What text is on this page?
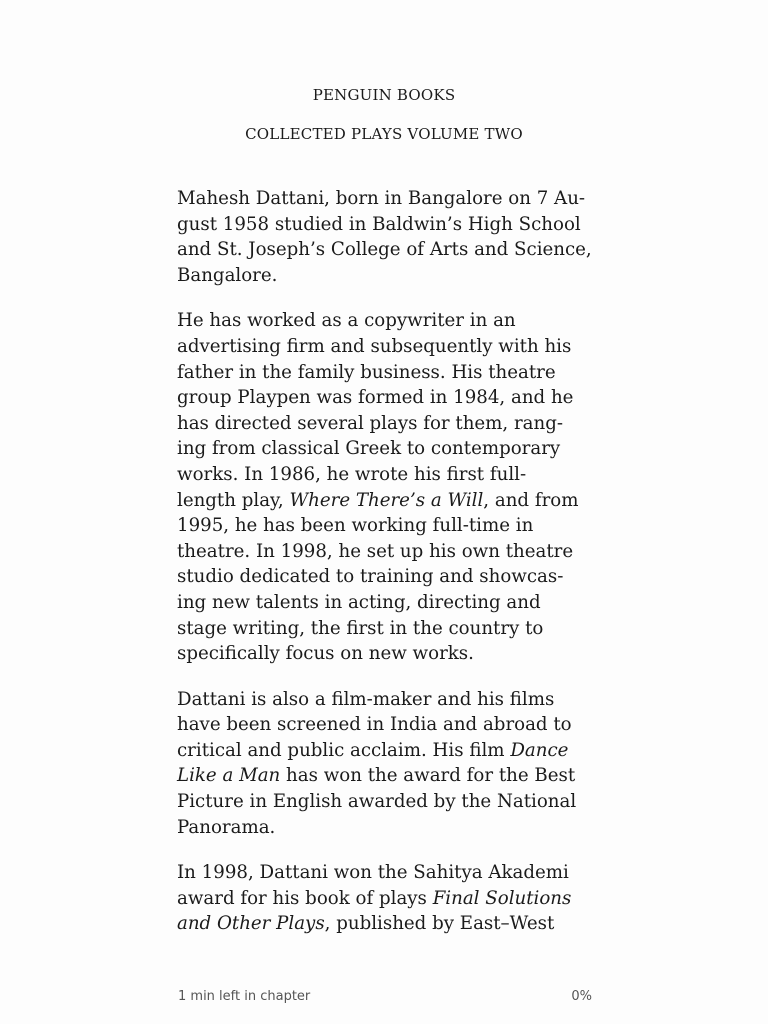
PENGUIN BOOKS
COLLECTED PLAYS VOLUME TWO

Mahesh Dattani, born in Bangalore on 7 Au-
gust 1958 studied in Baldwin’s High School
and St. Joseph’s College of Arts and Science,
Bangalore.

He has worked as a copywriter in an
advertising firm and subsequently with his
father in the family business. His theatre
group Playpen was formed in 1984, and he
has directed several plays for them, rang-
ing from classical Greek to contemporary
works. In 1986, he wrote his first full-
length play, Where There’s a Will, and from
1995, he has been working full-time in
theatre. In 1998, he set up his own theatre
studio dedicated to training and showcas-
ing new talents in acting, directing and
stage writing, the first in the country to
specifically focus on new works.

Dattani is also a film-maker and his films
have been screened in India and abroad to
critical and public acclaim. His film Dance
Like a Man has won the award for the Best
Picture in English awarded by the National
Panorama.

In 1998, Dattani won the Sahitya Akademi
award for his book of plays Final Solutions
and Other Plays, published by East–West

1 min left in chapter	0%
